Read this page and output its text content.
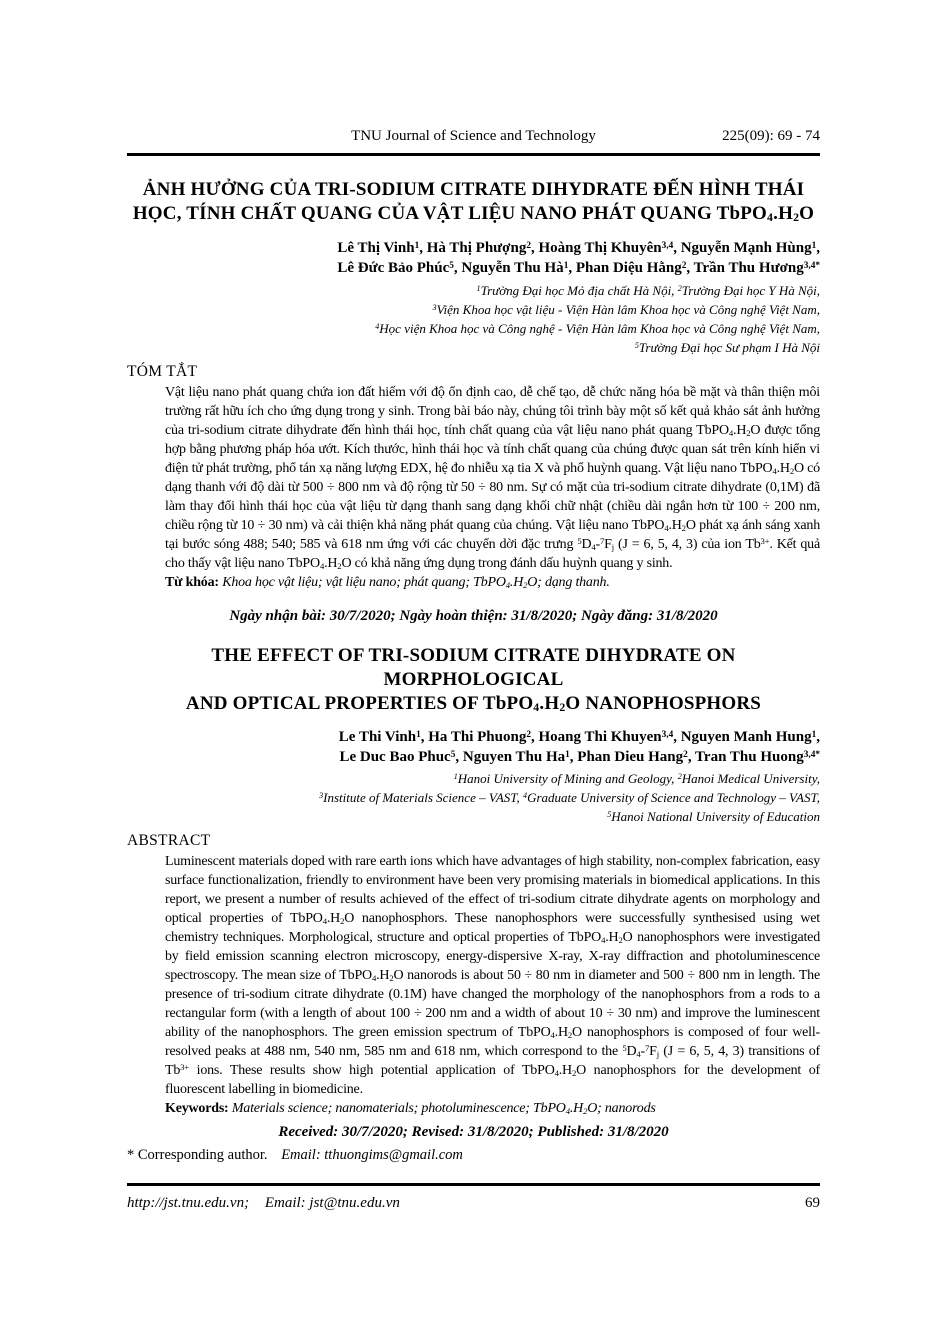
TNU Journal of Science and Technology	225(09): 69 - 74
ẢNH HƯỞNG CỦA TRI-SODIUM CITRATE DIHYDRATE ĐẾN HÌNH THÁI
HỌC, TÍNH CHẤT QUANG CỦA VẬT LIỆU NANO PHÁT QUANG $TbPO_4.H_2O$

Lê Thị Vinh$^1$, Hà Thị Phượng$^2$, Hoàng Thị Khuyên$^{3,4}$, Nguyễn Mạnh Hùng$^1$,
Lê Đức Bảo Phúc$^5$, Nguyễn Thu $Hà^1$, Phan Diệu Hằng$^2$, Trần Thu Hương$^{3,4*}$

$^1$Trường Đại học Mỏ địa chất Hà Nội, $^2$Trường Đại học Y Hà Nội,
$^3$Viện Khoa học vật liệu - Viện Hàn lâm Khoa học và Công nghệ Việt Nam,
$^4$Học viện Khoa học và Công nghệ - Viện Hàn lâm Khoa học và Công nghệ Việt Nam,
$^5$Trường Đại học Sư phạm I Hà Nội

TÓM TẮT

Vật liệu nano phát quang chứa ion đất hiếm với độ ổn định cao, dễ chế tạo, dễ chức năng hóa bề mặt và thân thiện môi trường rất hữu ích cho ứng dụng trong y sinh. Trong bài báo này, chúng tôi trình bày một số kết quả khảo sát ảnh hưởng của tri-sodium citrate dihydrate đến hình thái học, tính chất quang của vật liệu nano phát quang $TbPO_4.H_2O$ được tổng hợp bằng phương pháp hóa ướt. Kích thước, hình thái học và tính chất quang của chúng được quan sát trên kính hiển vi điện tử phát trường, phổ tán xạ năng lượng EDX, hệ đo nhiễu xạ tia X và phổ huỳnh quang. Vật liệu nano $TbPO_4.H_2O$ có dạng thanh với độ dài từ 500 ÷ 800 nm và độ rộng từ 50 ÷ 80 nm. Sự có mặt của tri-sodium citrate dihydrate (0,1M) đã làm thay đổi hình thái học của vật liệu từ dạng thanh sang dạng khối chữ nhật (chiều dài ngắn hơn từ 100 ÷ 200 nm, chiều rộng từ 10 ÷ 30 nm) và cải thiện khả năng phát quang của chúng. Vật liệu nano $TbPO_4.H_2O$ phát xạ ánh sáng xanh tại bước sóng 488; 540; 585 và 618 nm ứng với các chuyển dời đặc trưng $^5D_4-^7F_j$ (J = 6, 5, 4, 3) của ion $Tb^{3+}$. Kết quả cho thấy vật liệu nano $TbPO_4.H_2O$ có khả năng ứng dụng trong đánh dấu huỳnh quang y sinh.

Từ khóa: Khoa học vật liệu; vật liệu nano; phát quang; $TbPO_4.H_2O$; dạng thanh.

Ngày nhận bài: 30/7/2020; Ngày hoàn thiện: 31/8/2020; Ngày đăng: 31/8/2020

THE EFFECT OF TRI-SODIUM CITRATE DIHYDRATE ON MORPHOLOGICAL
AND OPTICAL PROPERTIES OF $TbPO_4.H_2O$ NANOPHOSPHORS

Le Thi Vinh$^1$, Ha Thi Phuong$^2$, Hoang Thi Khuyen$^{3,4}$, Nguyen Manh Hung$^1$,
Le Duc Bao Phuc$^5$, Nguyen Thu Ha$^1$, Phan Dieu Hang$^2$, Tran Thu Huong$^{3,4*}$

$^1$Hanoi University of Mining and Geology, $^2$Hanoi Medical University,
$^3$Institute of Materials Science – VAST, $^4$Graduate University of Science and Technology – VAST,
$^5$Hanoi National University of Education

ABSTRACT

Luminescent materials doped with rare earth ions which have advantages of high stability, non-complex fabrication, easy surface functionalization, friendly to environment have been very promising materials in biomedical applications. In this report, we present a number of results achieved of the effect of tri-sodium citrate dihydrate agents on morphology and optical properties of $TbPO_4.H_2O$ nanophosphors. These nanophosphors were successfully synthesised using wet chemistry techniques. Morphological, structure and optical properties of $TbPO_4.H_2O$ nanophosphors were investigated by field emission scanning electron microscopy, energy-dispersive X-ray, X-ray diffraction and photoluminescence spectroscopy. The mean size of $TbPO_4.H_2O$ nanorods is about 50 ÷ 80 nm in diameter and 500 ÷ 800 nm in length. The presence of tri-sodium citrate dihydrate (0.1M) have changed the morphology of the nanophosphors from a rods to a rectangular form (with a length of about 100 ÷ 200 nm and a width of about 10 ÷ 30 nm) and improve the luminescent ability of the nanophosphors. The green emission spectrum of $TbPO_4.H_2O$ nanophosphors is composed of four well-resolved peaks at 488 nm, 540 nm, 585 nm and 618 nm, which correspond to the $^5D_4-^7F_j$ (J = 6, 5, 4, 3) transitions of $Tb^{3+}$ ions. These results show high potential application of $TbPO_4.H_2O$ nanophosphors for the development of fluorescent labelling in biomedicine.

Keywords: Materials science; nanomaterials; photoluminescence; $TbPO_4.H_2O$; nanorods

Received: 30/7/2020; Revised: 31/8/2020; Published: 31/8/2020

* Corresponding author. Email: tthuongims@gmail.com

http://jst.tnu.edu.vn; Email: jst@tnu.edu.vn	69
